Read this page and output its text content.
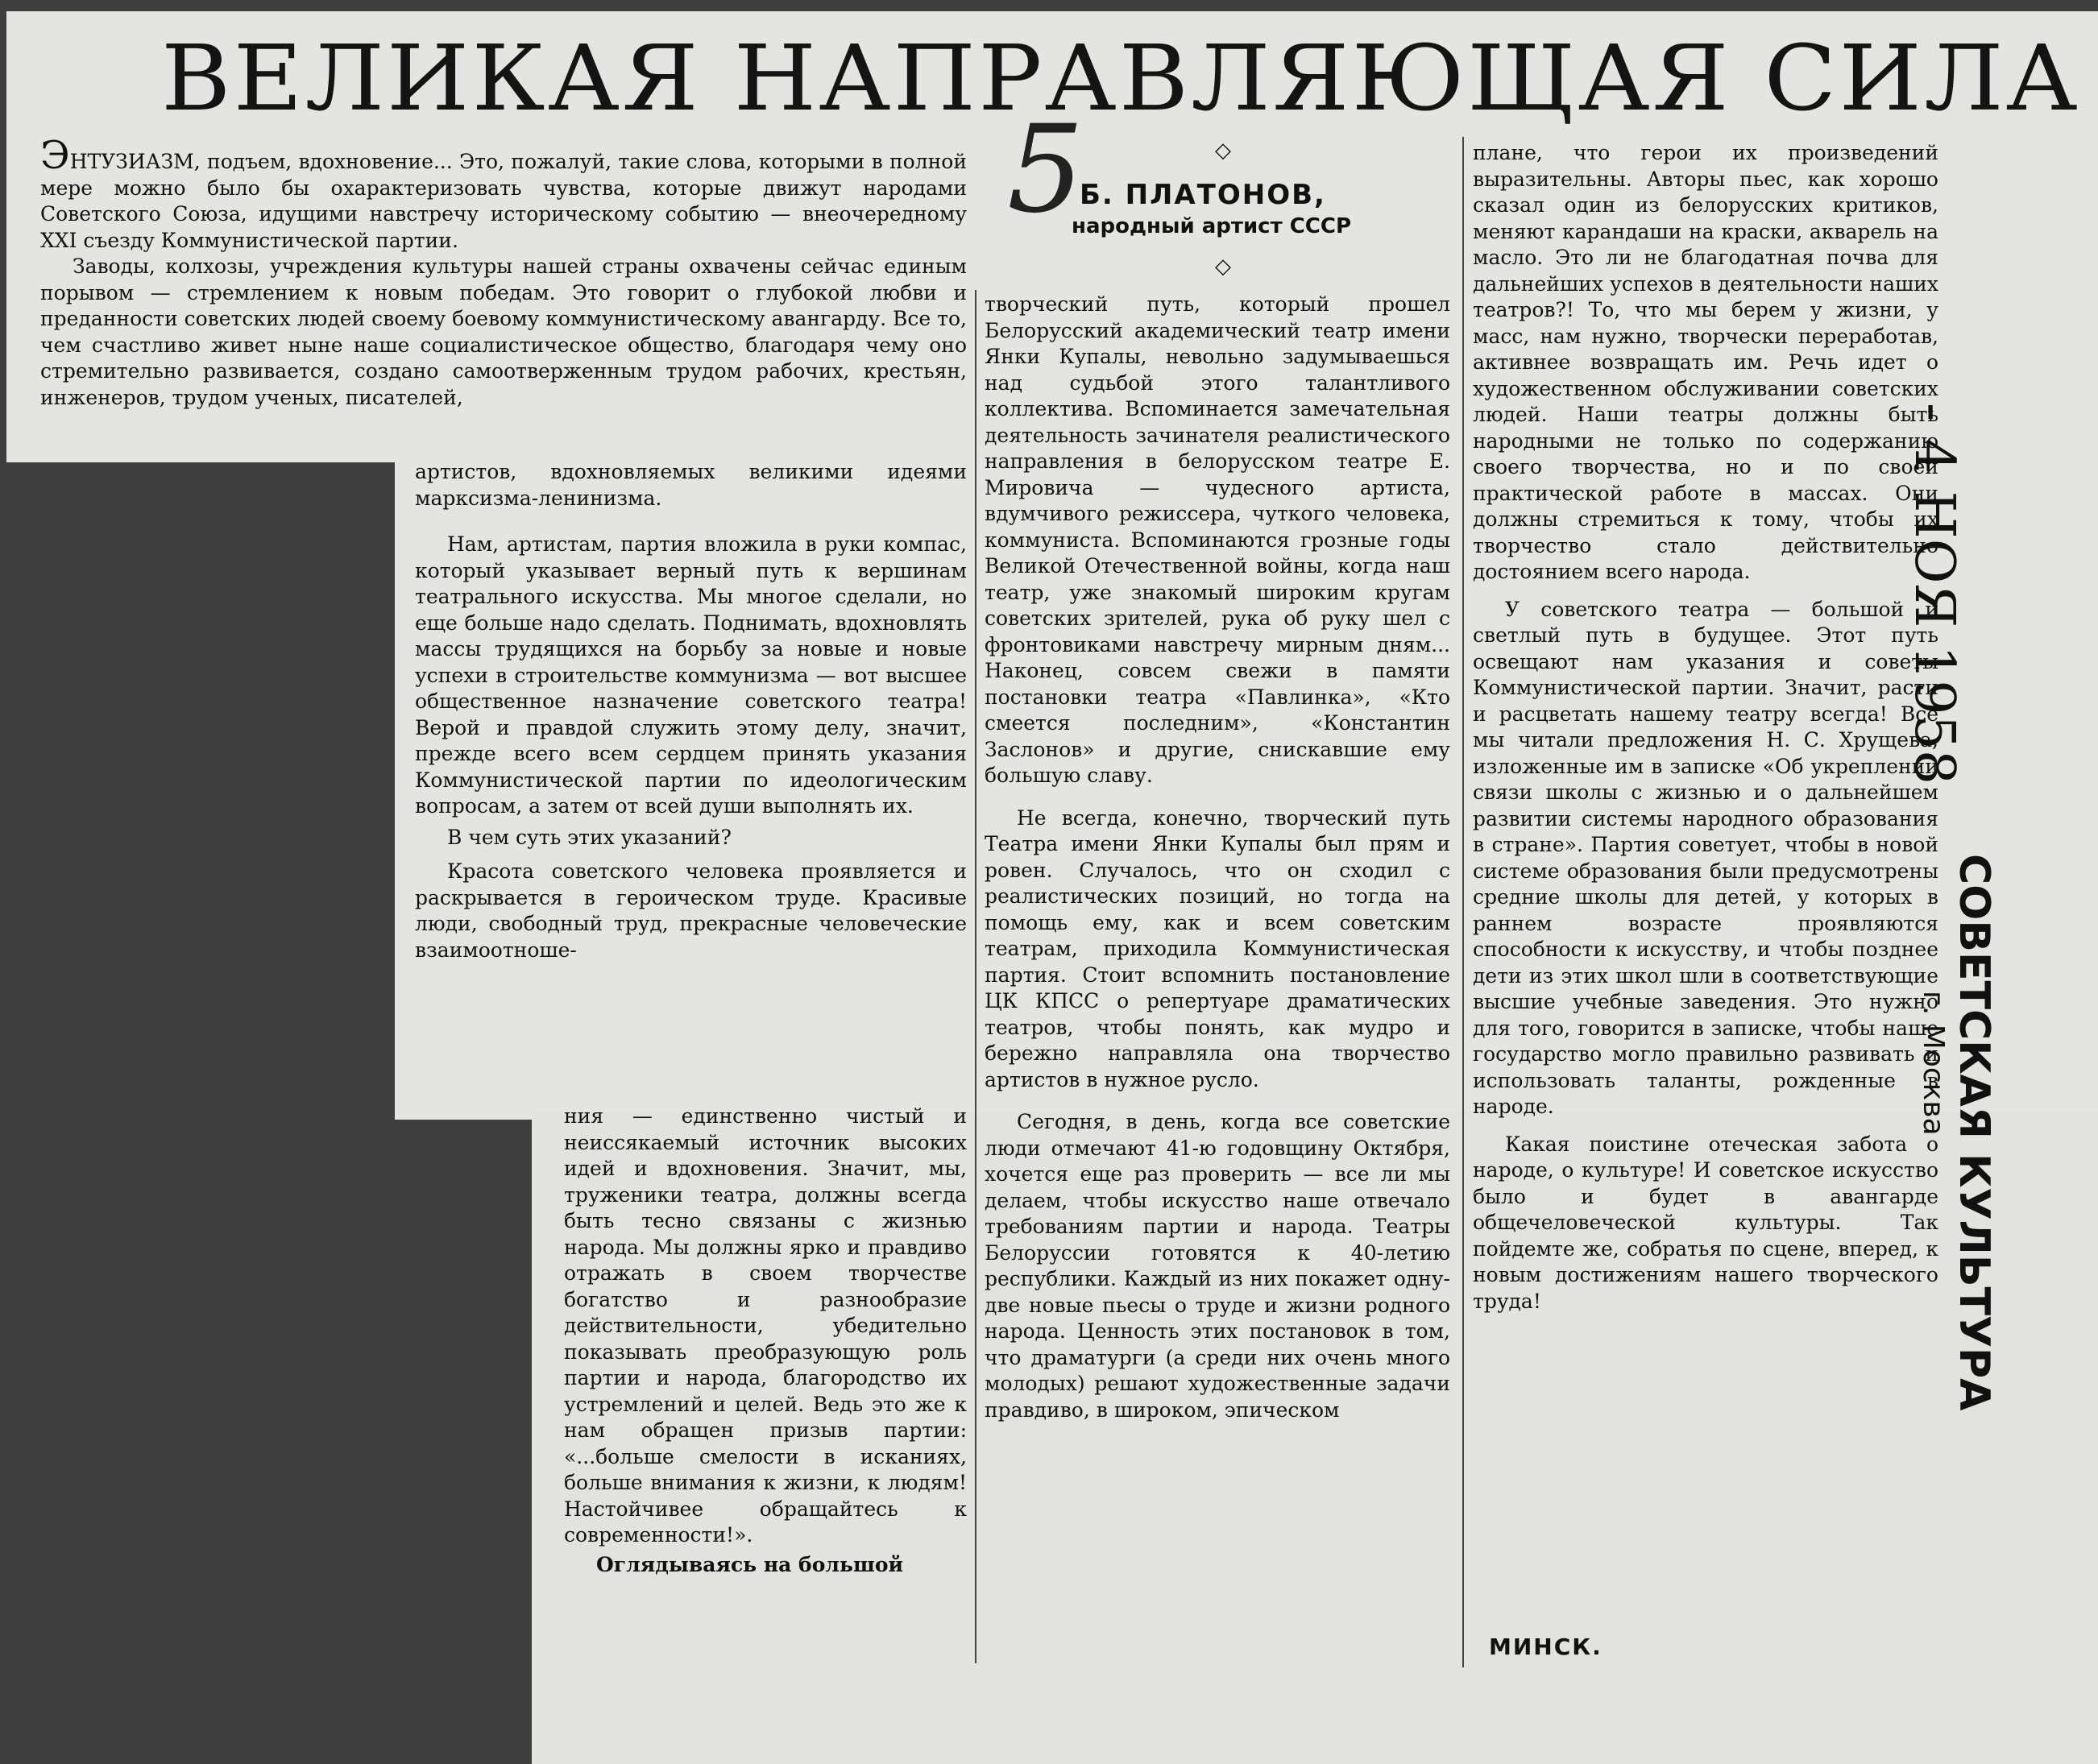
ВЕЛИКАЯ НАПРАВЛЯЮЩАЯ СИЛА
5	◇
Б. ПЛАТОНОВ,
народный артист СССР
◇

ЭНТУЗИАЗМ, подъем, вдохновение... Это, пожалуй, такие слова, которыми в полной мере можно было бы охарактеризовать чувства, которые движут народами Советского Союза, идущими навстречу историческому событию — внеочередному XXI съезду Коммунистической партии.

Заводы, колхозы, учреждения культуры нашей страны охвачены сейчас единым порывом — стремлением к новым победам. Это говорит о глубокой любви и преданности советских людей своему боевому коммунистическому авангарду. Все то, чем счастливо живет ныне наше социалистическое общество, благодаря чему оно стремительно развивается, создано самоотверженным трудом рабочих, крестьян, инженеров, трудом ученых, писателей,

артистов, вдохновляемых великими идеями марксизма-ленинизма.

Нам, артистам, партия вложила в руки компас, который указывает верный путь к вершинам театрального искусства. Мы многое сделали, но еще больше надо сделать. Поднимать, вдохновлять массы трудящихся на борьбу за новые и новые успехи в строительстве коммунизма — вот высшее общественное назначение советского театра! Верой и правдой служить этому делу, значит, прежде всего всем сердцем принять указания Коммунистической партии по идеологическим вопросам, а затем от всей души выполнять их.

В чем суть этих указаний?

Красота советского человека проявляется и раскрывается в героическом труде. Красивые люди, свободный труд, прекрасные человеческие взаимоотноше-

ния — единственно чистый и неиссякаемый источник высоких идей и вдохновения. Значит, мы, труженики театра, должны всегда быть тесно связаны с жизнью народа. Мы должны ярко и правдиво отражать в своем творчестве богатство и разнообразие действительности, убедительно показывать преобразующую роль партии и народа, благородство их устремлений и целей. Ведь это же к нам обращен призыв партии: «...больше смелости в исканиях, больше внимания к жизни, к людям! Настойчивее обращайтесь к современности!».

Оглядываясь на большой

творческий путь, который прошел Белорусский академический театр имени Янки Купалы, невольно задумываешься над судьбой этого талантливого коллектива. Вспоминается замечательная деятельность зачинателя реалистического направления в белорусском театре Е. Мировича — чудесного артиста, вдумчивого режиссера, чуткого человека, коммуниста. Вспоминаются грозные годы Великой Отечественной войны, когда наш театр, уже знакомый широким кругам советских зрителей, рука об руку шел с фронтовиками навстречу мирным дням... Наконец, совсем свежи в памяти постановки театра «Павлинка», «Кто смеется последним», «Константин Заслонов» и другие, снискавшие ему большую славу.

Не всегда, конечно, творческий путь Театра имени Янки Купалы был прям и ровен. Случалось, что он сходил с реалистических позиций, но тогда на помощь ему, как и всем советским театрам, приходила Коммунистическая партия. Стоит вспомнить постановление ЦК КПСС о репертуаре драматических театров, чтобы понять, как мудро и бережно направляла она творчество артистов в нужное русло.

Сегодня, в день, когда все советские люди отмечают 41-ю годовщину Октября, хочется еще раз проверить — все ли мы делаем, чтобы искусство наше отвечало требованиям партии и народа. Театры Белоруссии готовятся к 40-летию республики. Каждый из них покажет одну-две новые пьесы о труде и жизни родного народа. Ценность этих постановок в том, что драматурги (а среди них очень много молодых) решают художественные задачи правдиво, в широком, эпическом

плане, что герои их произведений выразительны. Авторы пьес, как хорошо сказал один из белорусских критиков, меняют карандаши на краски, акварель на масло. Это ли не благодатная почва для дальнейших успехов в деятельности наших театров?! То, что мы берем у жизни, у масс, нам нужно, творчески переработав, активнее возвращать им. Речь идет о художественном обслуживании советских людей. Наши театры должны быть народными не только по содержанию своего творчества, но и по своей практической работе в массах. Они должны стремиться к тому, чтобы их творчество стало действительно достоянием всего народа.

У советского театра — большой и светлый путь в будущее. Этот путь освещают нам указания и советы Коммунистической партии. Значит, расти и расцветать нашему театру всегда! Все мы читали предложения Н. С. Хрущева, изложенные им в записке «Об укреплении связи школы с жизнью и о дальнейшем развитии системы народного образования в стране». Партия советует, чтобы в новой системе образования были предусмотрены средние школы для детей, у которых в раннем возрасте проявляются способности к искусству, и чтобы позднее дети из этих школ шли в соответствующие высшие учебные заведения. Это нужно для того, говорится в записке, чтобы наше государство могло правильно развивать и использовать таланты, рожденные в народе.

Какая поистине отеческая забота о народе, о культуре! И советское искусство было и будет в авангарде общечеловеческой культуры. Так пойдемте же, собратья по сцене, вперед, к новым достижениям нашего творческого труда!

МИНСК.
- 4 НОЯ 1958
СОВЕТСКАЯ КУЛЬТУРА
г. Москва
